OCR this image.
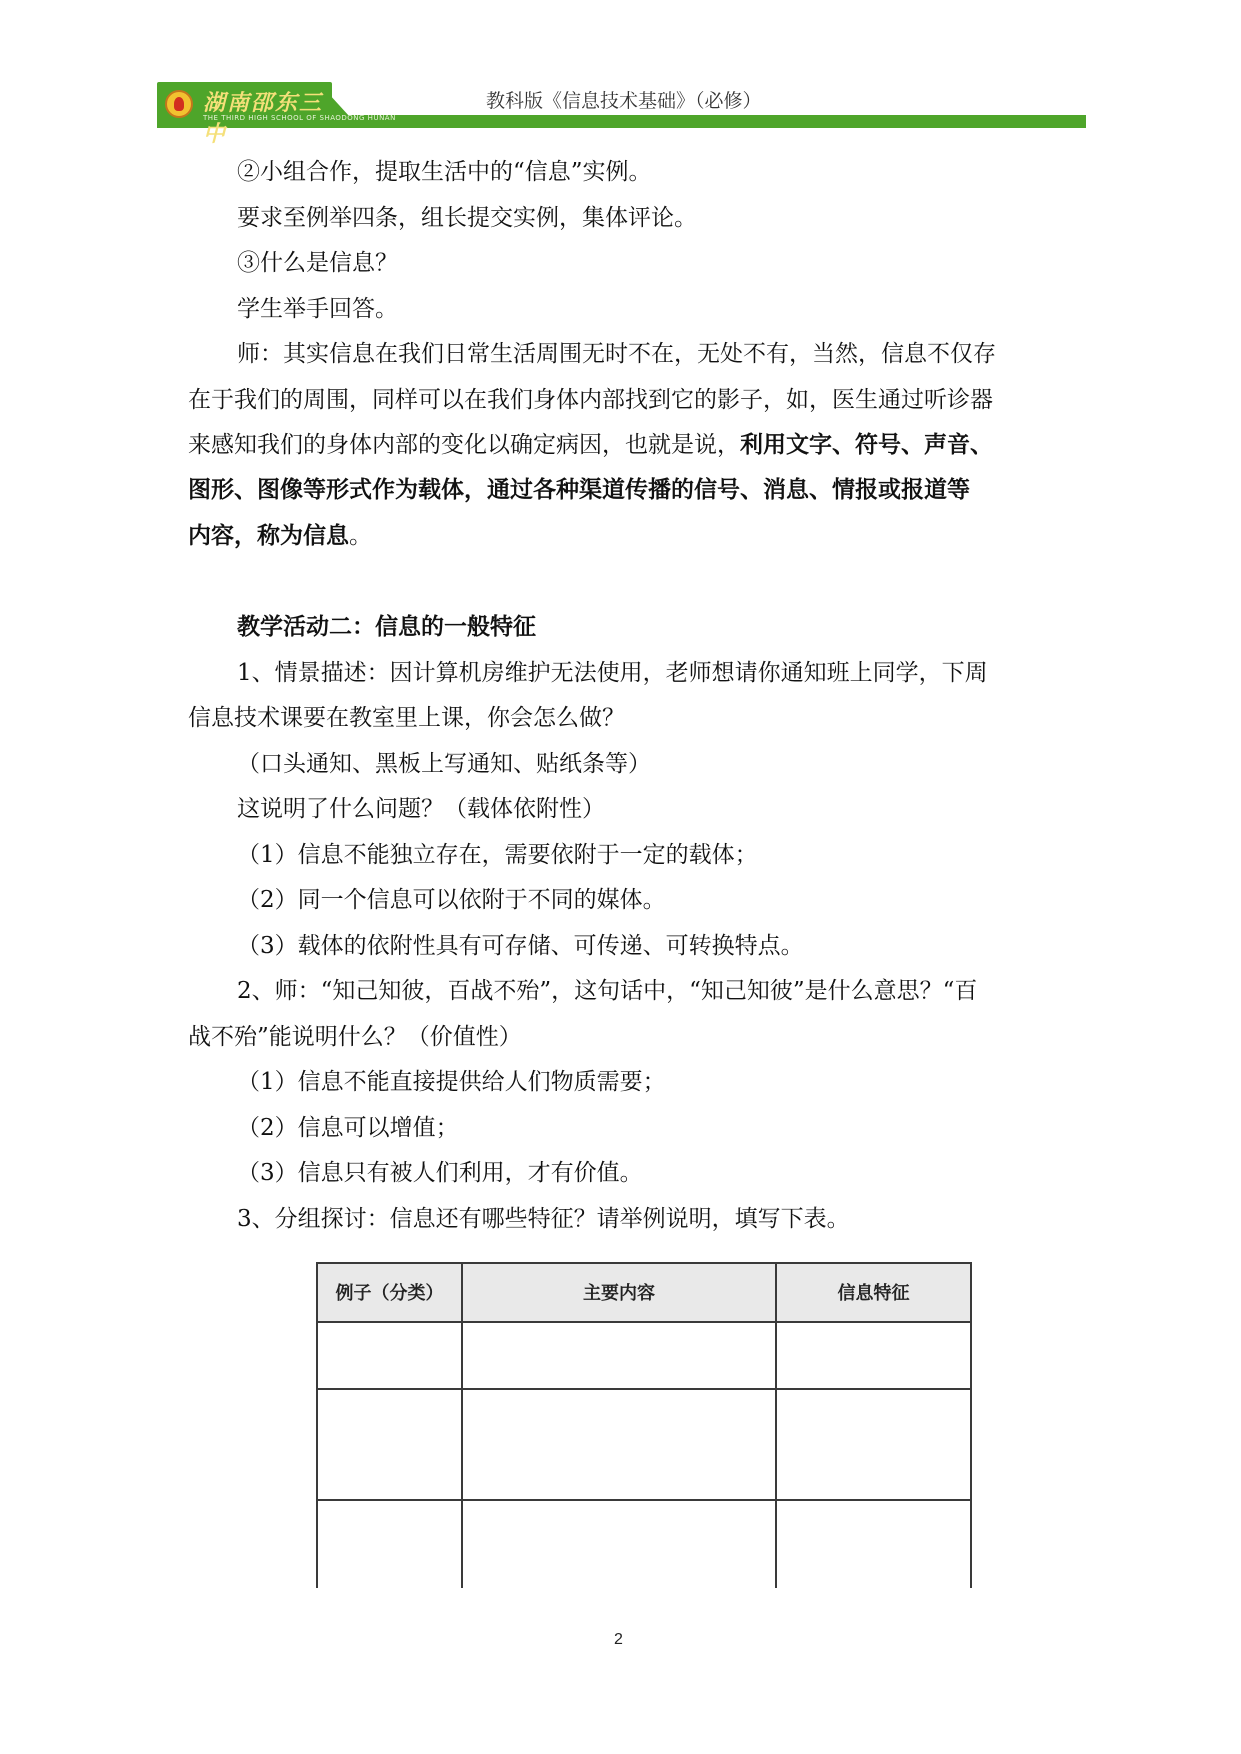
湖南邵东三中
THE THIRD HIGH SCHOOL OF SHAODONG HUNAN
教科版《信息技术基础》（必修）
②小组合作，提取生活中的“信息”实例。
要求至例举四条，组长提交实例，集体评论。
③什么是信息？
学生举手回答。
师：其实信息在我们日常生活周围无时不在，无处不有，当然，信息不仅存
在于我们的周围，同样可以在我们身体内部找到它的影子，如，医生通过听诊器
来感知我们的身体内部的变化以确定病因，也就是说，利用文字、符号、声音、
图形、图像等形式作为载体，通过各种渠道传播的信号、消息、情报或报道等
内容，称为信息。
教学活动二：信息的一般特征
1、情景描述：因计算机房维护无法使用，老师想请你通知班上同学，下周
信息技术课要在教室里上课，你会怎么做？
（口头通知、黑板上写通知、贴纸条等）
这说明了什么问题？（载体依附性）
（1）信息不能独立存在，需要依附于一定的载体；
（2）同一个信息可以依附于不同的媒体。
（3）载体的依附性具有可存储、可传递、可转换特点。
2、师：“知己知彼，百战不殆”，这句话中，“知己知彼”是什么意思？“百
战不殆”能说明什么？（价值性）
（1）信息不能直接提供给人们物质需要；
（2）信息可以增值；
（3）信息只有被人们利用，才有价值。
3、分组探讨：信息还有哪些特征？请举例说明，填写下表。
例子（分类）	主要内容	信息特征

2
